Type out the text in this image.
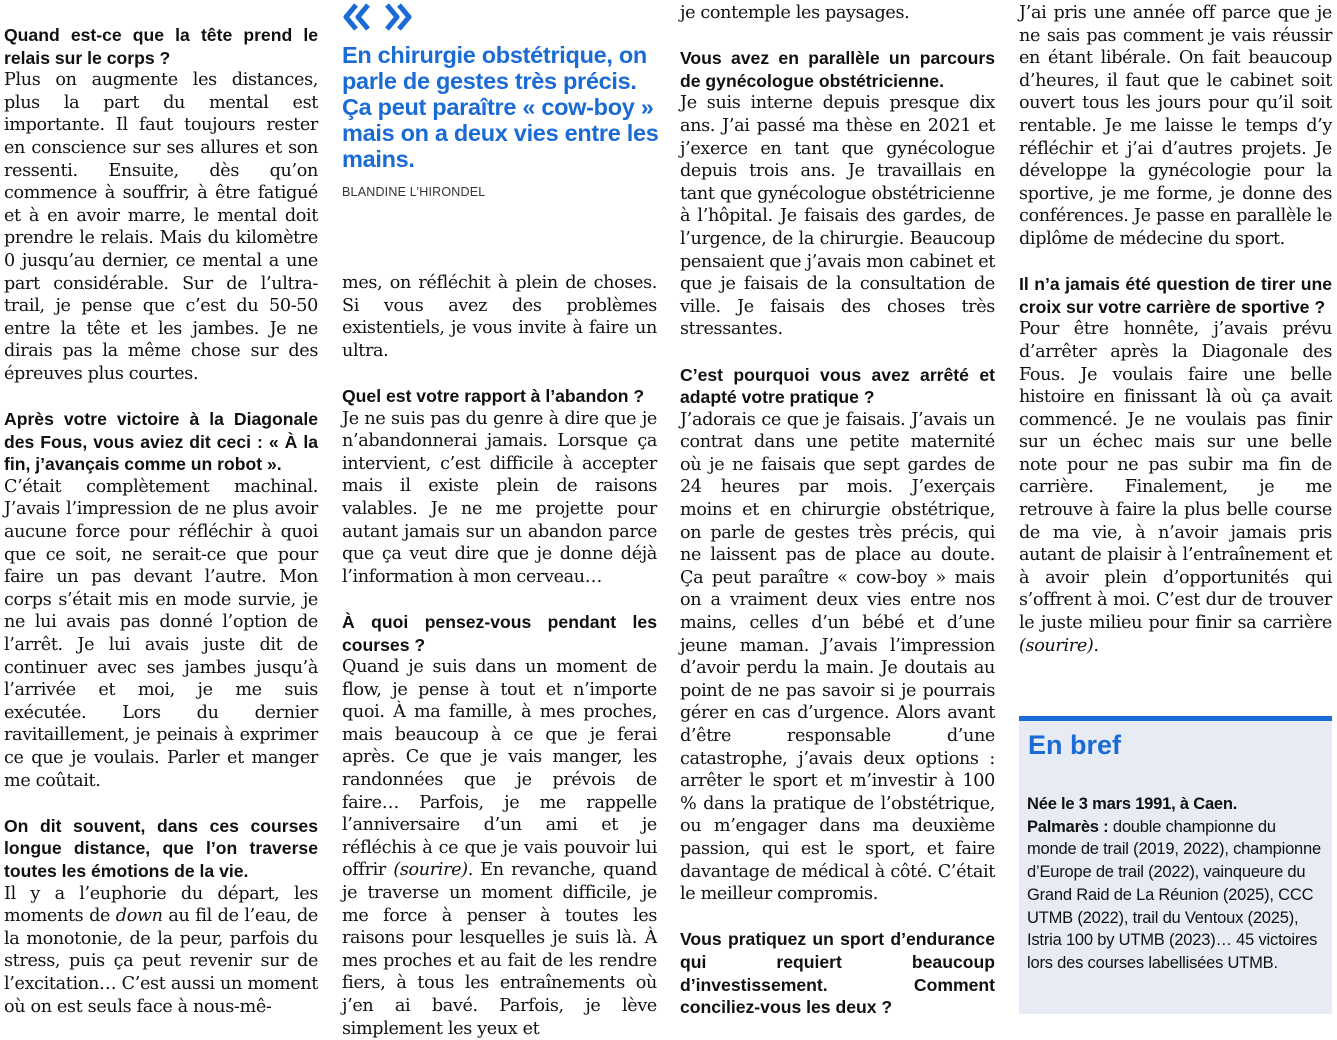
Quand est-ce que la tête prend le relais sur le corps ?

Plus on augmente les distances, plus la part du mental est importante. Il faut toujours rester en conscience sur ses allures et son ressenti. Ensuite, dès qu’on commence à souffrir, à être fatigué et à en avoir marre, le mental doit prendre le relais. Mais du kilomètre 0 jusqu’au dernier, ce mental a une part considérable. Sur de l’ultra-trail, je pense que c’est du 50-50 entre la tête et les jambes. Je ne dirais pas la même chose sur des épreuves plus courtes.

Après votre victoire à la Diagonale des Fous, vous aviez dit ceci : « À la fin, j’avançais comme un robot ».

C’était complètement machinal. J’avais l’impression de ne plus avoir aucune force pour réfléchir à quoi que ce soit, ne serait-ce que pour faire un pas devant l’autre. Mon corps s’était mis en mode survie, je ne lui avais pas donné l’option de l’arrêt. Je lui avais juste dit de continuer avec ses jambes jusqu’à l’arrivée et moi, je me suis exécutée. Lors du dernier ravitaillement, je peinais à exprimer ce que je voulais. Parler et manger me coûtait.

On dit souvent, dans ces courses longue distance, que l’on traverse toutes les émotions de la vie.

Il y a l’euphorie du départ, les moments de down au fil de l’eau, de la monotonie, de la peur, parfois du stress, puis ça peut revenir sur de l’excitation… C’est aussi un moment où on est seuls face à nous-mê-

En chirurgie obstétrique, on parle de gestes très précis. Ça peut paraître « cow-boy » mais on a deux vies entre les mains.

BLANDINE L’HIRONDEL

mes, on réfléchit à plein de choses. Si vous avez des problèmes existentiels, je vous invite à faire un ultra.

Quel est votre rapport à l’abandon ?

Je ne suis pas du genre à dire que je n’abandonnerai jamais. Lorsque ça intervient, c’est difficile à accepter mais il existe plein de raisons valables. Je ne me projette pour autant jamais sur un abandon parce que ça veut dire que je donne déjà l’information à mon cerveau…

À quoi pensez-vous pendant les courses ?

Quand je suis dans un moment de flow, je pense à tout et n’importe quoi. À ma famille, à mes proches, mais beaucoup à ce que je ferai après. Ce que je vais manger, les randonnées que je prévois de faire… Parfois, je me rappelle l’anniversaire d’un ami et je réfléchis à ce que je vais pouvoir lui offrir (sourire). En revanche, quand je traverse un moment difficile, je me force à penser à toutes les raisons pour lesquelles je suis là. À mes proches et au fait de les rendre fiers, à tous les entraînements où j’en ai bavé. Parfois, je lève simplement les yeux et

je contemple les paysages.

Vous avez en parallèle un parcours de gynécologue obstétricienne.

Je suis interne depuis presque dix ans. J’ai passé ma thèse en 2021 et j’exerce en tant que gynécologue depuis trois ans. Je travaillais en tant que gynécologue obstétricienne à l’hôpital. Je faisais des gardes, de l’urgence, de la chirurgie. Beaucoup pensaient que j’avais mon cabinet et que je faisais de la consultation de ville. Je faisais des choses très stressantes.

C’est pourquoi vous avez arrêté et adapté votre pratique ?

J’adorais ce que je faisais. J’avais un contrat dans une petite maternité où je ne faisais que sept gardes de 24 heures par mois. J’exerçais moins et en chirurgie obstétrique, on parle de gestes très précis, qui ne laissent pas de place au doute. Ça peut paraître « cow-boy » mais on a vraiment deux vies entre nos mains, celles d’un bébé et d’une jeune maman. J’avais l’impression d’avoir perdu la main. Je doutais au point de ne pas savoir si je pourrais gérer en cas d’urgence. Alors avant d’être responsable d’une catastrophe, j’avais deux options : arrêter le sport et m’investir à 100 % dans la pratique de l’obstétrique, ou m’engager dans ma deuxième passion, qui est le sport, et faire davantage de médical à côté. C’était le meilleur compromis.

Vous pratiquez un sport d’endurance qui requiert beaucoup d’investissement. Comment conciliez-vous les deux ?

J’ai pris une année off parce que je ne sais pas comment je vais réussir en étant libérale. On fait beaucoup d’heures, il faut que le cabinet soit ouvert tous les jours pour qu’il soit rentable. Je me laisse le temps d’y réfléchir et j’ai d’autres projets. Je développe la gynécologie pour la sportive, je me forme, je donne des conférences. Je passe en parallèle le diplôme de médecine du sport.

Il n’a jamais été question de tirer une croix sur votre carrière de sportive ?

Pour être honnête, j’avais prévu d’arrêter après la Diagonale des Fous. Je voulais faire une belle histoire en finissant là où ça avait commencé. Je ne voulais pas finir sur un échec mais sur une belle note pour ne pas subir ma fin de carrière. Finalement, je me retrouve à faire la plus belle course de ma vie, à n’avoir jamais pris autant de plaisir à l’entraînement et à avoir plein d’opportunités qui s’offrent à moi. C’est dur de trouver le juste milieu pour finir sa carrière (sourire).

En bref

Née le 3 mars 1991, à Caen.
Palmarès : double championne du monde de trail (2019, 2022), championne d’Europe de trail (2022), vainqueure du Grand Raid de La Réunion (2025), CCC UTMB (2022), trail du Ventoux (2025), Istria 100 by UTMB (2023)… 45 victoires lors des courses labellisées UTMB.
